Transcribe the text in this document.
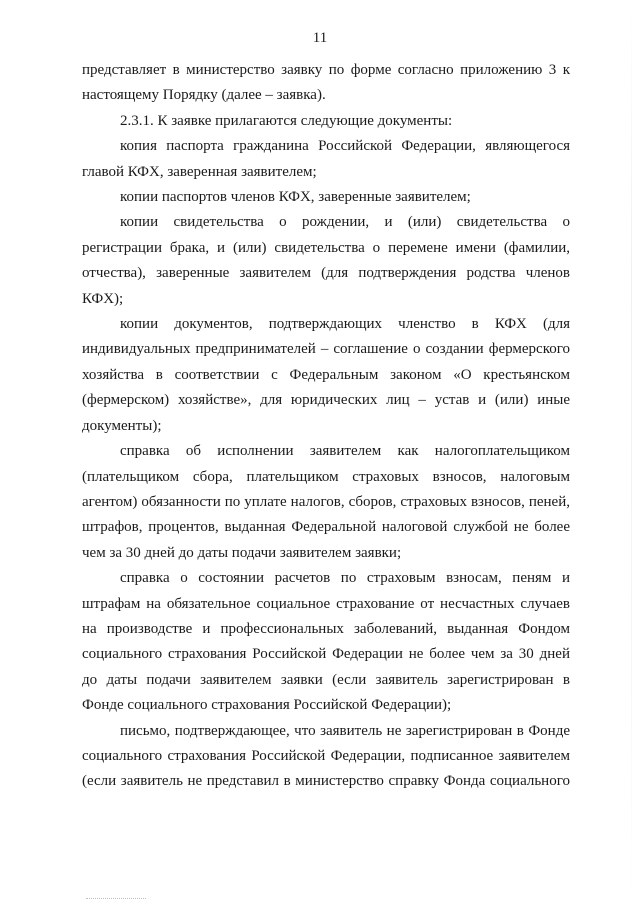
11

представляет в министерство заявку по форме согласно приложению 3 к настоящему Порядку (далее – заявка).

2.3.1. К заявке прилагаются следующие документы:

копия паспорта гражданина Российской Федерации, являющегося главой КФХ, заверенная заявителем;

копии паспортов членов КФХ, заверенные заявителем;

копии свидетельства о рождении, и (или) свидетельства о регистрации брака, и (или) свидетельства о перемене имени (фамилии, отчества), заверенные заявителем (для подтверждения родства членов КФХ);

копии документов, подтверждающих членство в КФХ (для индивидуальных предпринимателей – соглашение о создании фермерского хозяйства в соответствии с Федеральным законом «О крестьянском (фермерском) хозяйстве», для юридических лиц – устав и (или) иные документы);

справка об исполнении заявителем как налогоплательщиком (плательщиком сбора, плательщиком страховых взносов, налоговым агентом) обязанности по уплате налогов, сборов, страховых взносов, пеней, штрафов, процентов, выданная Федеральной налоговой службой не более чем за 30 дней до даты подачи заявителем заявки;

справка о состоянии расчетов по страховым взносам, пеням и штрафам на обязательное социальное страхование от несчастных случаев на производстве и профессиональных заболеваний, выданная Фондом социального страхования Российской Федерации не более чем за 30 дней до даты подачи заявителем заявки (если заявитель зарегистрирован в Фонде социального страхования Российской Федерации);

письмо, подтверждающее, что заявитель не зарегистрирован в Фонде социального страхования Российской Федерации, подписанное заявителем (если заявитель не представил в министерство справку Фонда социального
